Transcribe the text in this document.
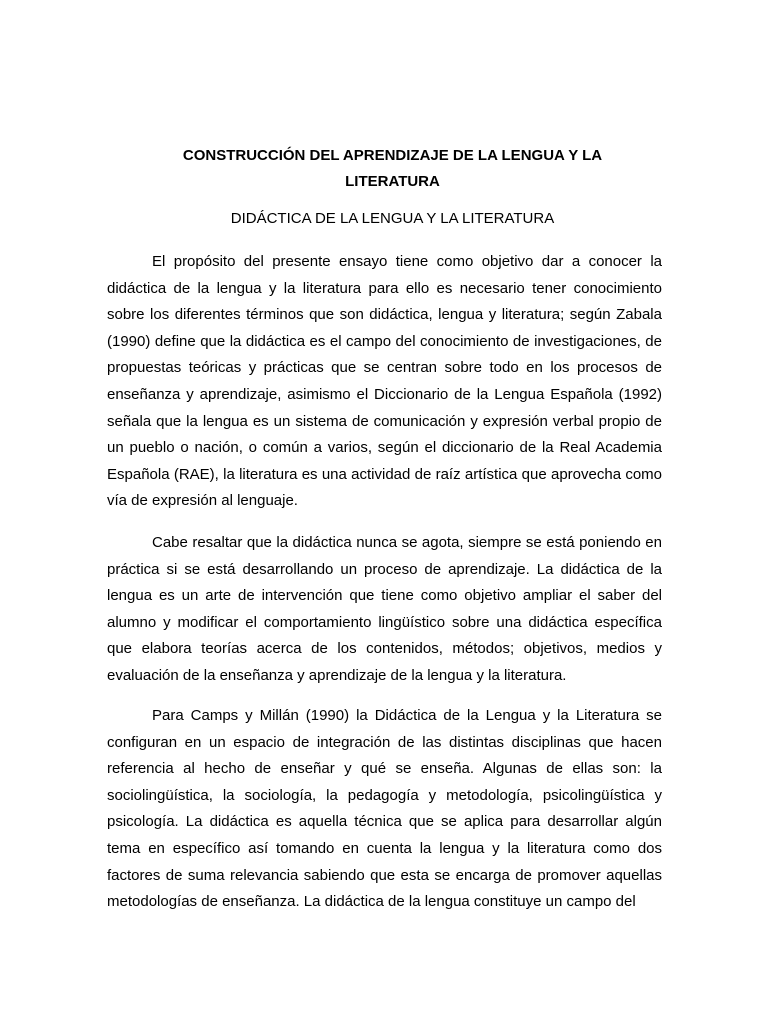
CONSTRUCCIÓN DEL APRENDIZAJE DE LA LENGUA Y LA LITERATURA
DIDÁCTICA DE LA LENGUA Y LA LITERATURA

El propósito del presente ensayo tiene como objetivo dar a conocer la didáctica de la lengua y la literatura para ello es necesario tener conocimiento sobre los diferentes términos que son didáctica, lengua y literatura; según Zabala (1990) define que la didáctica es el campo del conocimiento de investigaciones, de propuestas teóricas y prácticas que se centran sobre todo en los procesos de enseñanza y aprendizaje, asimismo el Diccionario de la Lengua Española (1992) señala que la lengua es un sistema de comunicación y expresión verbal propio de un pueblo o nación, o común a varios, según el diccionario de la Real Academia Española (RAE), la literatura es una actividad de raíz artística que aprovecha como vía de expresión al lenguaje.

Cabe resaltar que la didáctica nunca se agota, siempre se está poniendo en práctica si se está desarrollando un proceso de aprendizaje. La didáctica de la lengua es un arte de intervención que tiene como objetivo ampliar el saber del alumno y modificar el comportamiento lingüístico sobre una didáctica específica que elabora teorías acerca de los contenidos, métodos; objetivos, medios y evaluación de la enseñanza y aprendizaje de la lengua y la literatura.

Para Camps y Millán (1990) la Didáctica de la Lengua y la Literatura se configuran en un espacio de integración de las distintas disciplinas que hacen referencia al hecho de enseñar y qué se enseña. Algunas de ellas son: la sociolingüística, la sociología, la pedagogía y metodología, psicolingüística y psicología. La didáctica es aquella técnica que se aplica para desarrollar algún tema en específico así tomando en cuenta la lengua y la literatura como dos factores de suma relevancia sabiendo que esta se encarga de promover aquellas metodologías de enseñanza. La didáctica de la lengua constituye un campo del
